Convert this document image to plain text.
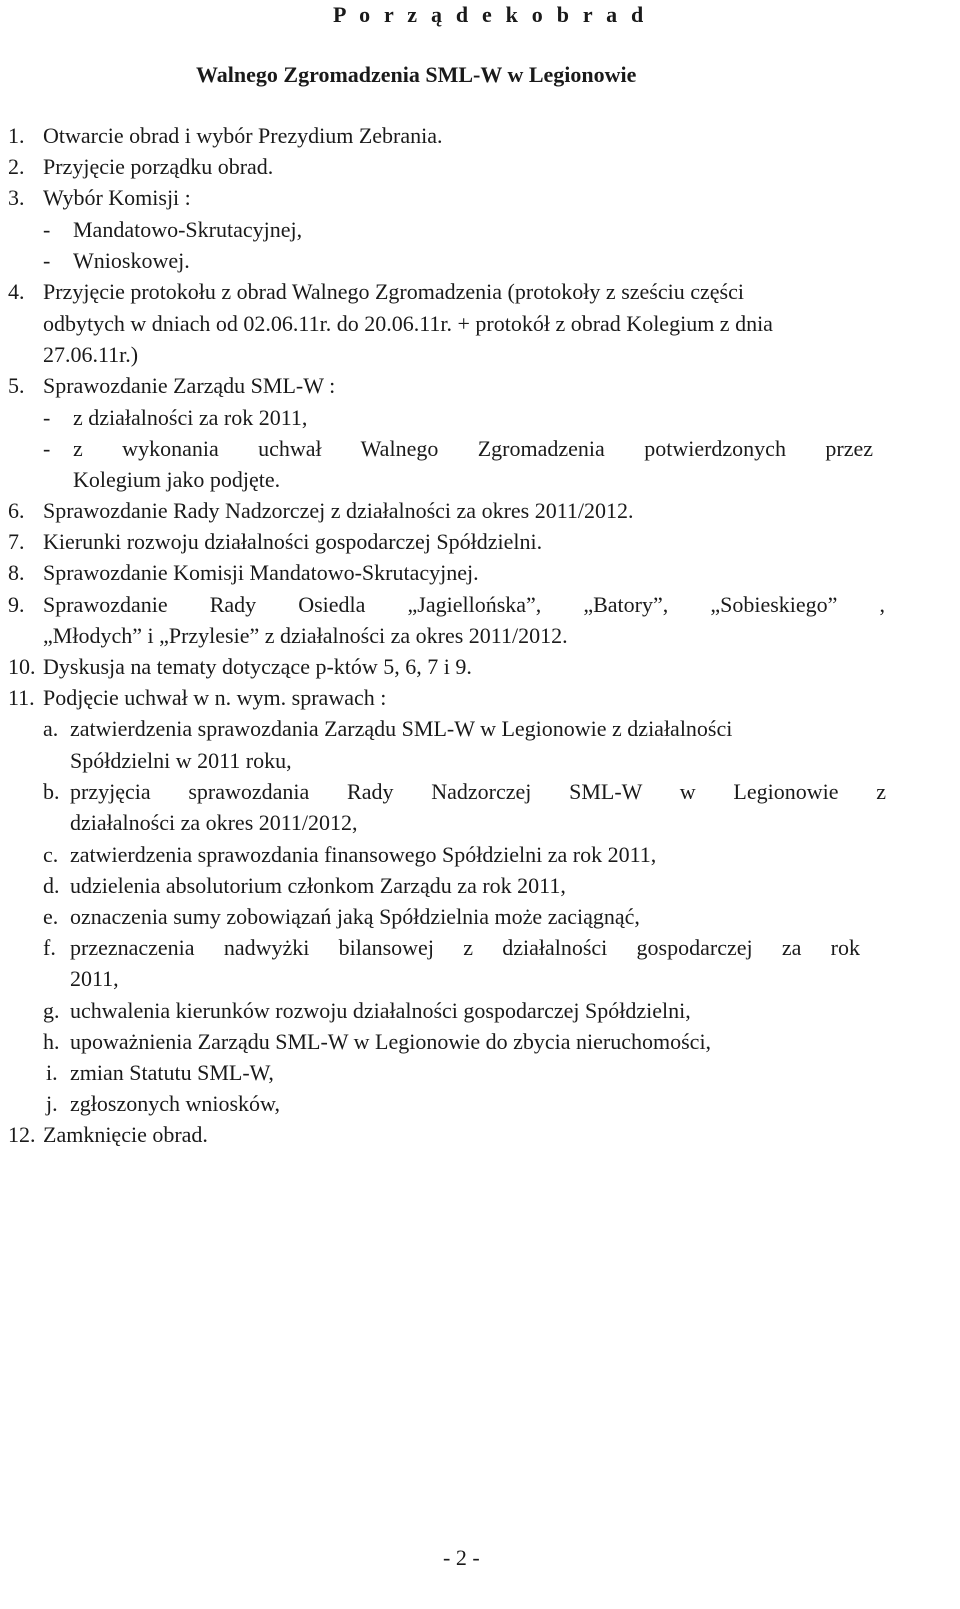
P o r z ą d e k o b r a d
Walnego Zgromadzenia SML-W w Legionowie
1. Otwarcie obrad i wybór Prezydium Zebrania.
2. Przyjęcie porządku obrad.
3. Wybór Komisji :
- Mandatowo-Skrutacyjnej,
- Wnioskowej.
4. Przyjęcie protokołu z obrad Walnego Zgromadzenia (protokoły z sześciu części
odbytych w dniach od 02.06.11r. do 20.06.11r. + protokół z obrad Kolegium z dnia
27.06.11r.)
5. Sprawozdanie Zarządu SML-W :
- z działalności za rok 2011,
- z wykonania uchwał Walnego Zgromadzenia potwierdzonych przez
Kolegium jako podjęte.
6. Sprawozdanie Rady Nadzorczej z działalności za okres 2011/2012.
7. Kierunki rozwoju działalności gospodarczej Spółdzielni.
8. Sprawozdanie Komisji Mandatowo-Skrutacyjnej.
9. Sprawozdanie Rady Osiedla „Jagiellońska”, „Batory”, „Sobieskiego” ,
„Młodych” i „Przylesie” z działalności za okres 2011/2012.
10. Dyskusja na tematy dotyczące p-któw 5, 6, 7 i 9.
11. Podjęcie uchwał w n. wym. sprawach :
a. zatwierdzenia sprawozdania Zarządu SML-W w Legionowie z działalności
Spółdzielni w 2011 roku,
b. przyjęcia sprawozdania Rady Nadzorczej SML-W w Legionowie z
działalności za okres 2011/2012,
c. zatwierdzenia sprawozdania finansowego Spółdzielni za rok 2011,
d. udzielenia absolutorium członkom Zarządu za rok 2011,
e. oznaczenia sumy zobowiązań jaką Spółdzielnia może zaciągnąć,
f. przeznaczenia nadwyżki bilansowej z działalności gospodarczej za rok
2011,
g. uchwalenia kierunków rozwoju działalności gospodarczej Spółdzielni,
h. upoważnienia Zarządu SML-W w Legionowie do zbycia nieruchomości,
i. zmian Statutu SML-W,
j. zgłoszonych wniosków,
12. Zamknięcie obrad.
- 2 -
